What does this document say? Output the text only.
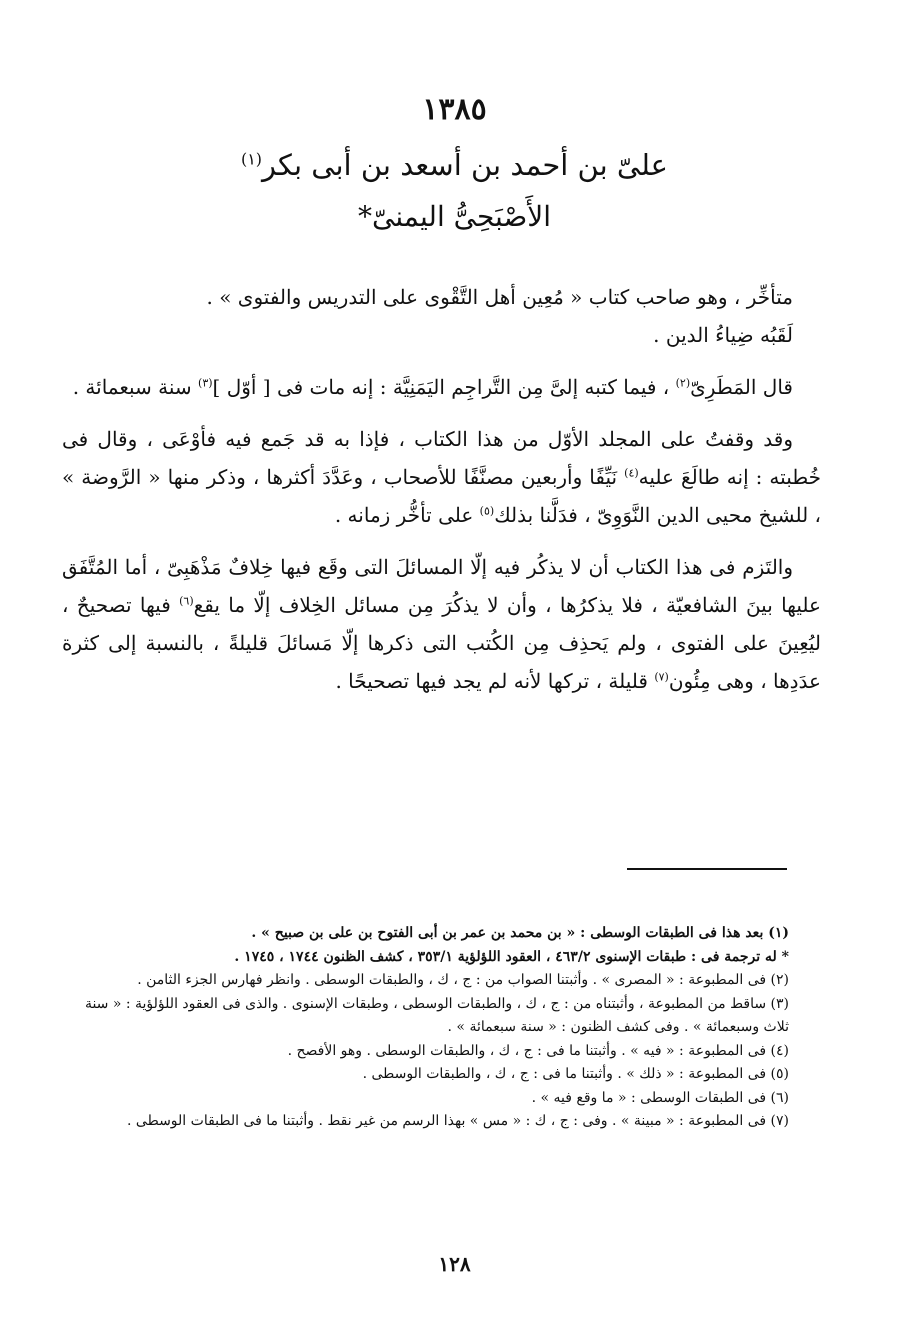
١٣٨٥
علىّ بن أحمد بن أسعد بن أبى بكر$^{(١)}$
الأَصْبَحِىُّ اليمنىّ*

متأخِّر ، وهو صاحب كتاب « مُعِين أهل التَّقْوى على التدريس والفتوى » .

لَقَبُه ضِياءُ الدين .

قال المَطَرِىّ$^{(٢)}$ ، فيما كتبه إلىَّ مِن التَّراجِم اليَمَنِيَّة : إنه مات فى [ أوّل ]$^{(٣)}$ سنة سبعمائة .

وقد وقفتُ على المجلد الأوّل من هذا الكتاب ، فإذا به قد جَمع فيه فأوْعَى ، وقال فى خُطبته : إنه طالَعَ عليه$^{(٤)}$ نَيِّفًا وأربعين مصنَّفًا للأصحاب ، وعَدَّدَ أكثرها ، وذكر منها « الرَّوضة » ، للشيخ محيى الدين النَّوَوِىّ ، فدَلَّنا بذلك$^{(٥)}$ على تأخُّر زمانه .

والتَزم فى هذا الكتاب أن لا يذكُر فيه إلّا المسائلَ التى وقَع فيها خِلافٌ مَذْهَبِىّ ، أما المُتَّفَق عليها بينَ الشافعيّة ، فلا يذكرُها ، وأن لا يذكُرَ مِن مسائل الخِلاف إلّا ما يقع$^{(٦)}$ فيها تصحيحٌ ، ليُعِينَ على الفتوى ، ولم يَحذِف مِن الكُتب التى ذكرها إلّا مَسائلَ قليلةً ، بالنسبة إلى كثرة عدَدِها ، وهى مِئُون$^{(٧)}$ قليلة ، تركها لأنه لم يجد فيها تصحيحًا .

(١) بعد هذا فى الطبقات الوسطى : « بن محمد بن عمر بن أبى الفتوح بن على بن صبيح » .
* له ترجمة فى : طبقات الإسنوى ٤٦٣/٢ ، العقود اللؤلؤية ٣٥٣/١ ، كشف الظنون ١٧٤٤ ، ١٧٤٥ .
(٢) فى المطبوعة : « المصرى » . وأثبتنا الصواب من : ج ، ك ، والطبقات الوسطى . وانظر فهارس الجزء الثامن .
(٣) ساقط من المطبوعة ، وأثبتناه من : ج ، ك ، والطبقات الوسطى ، وطبقات الإسنوى . والذى فى العقود اللؤلؤية : « سنة ثلاث وسبعمائة » . وفى كشف الظنون : « سنة سبعمائة » .
(٤) فى المطبوعة : « فيه » . وأثبتنا ما فى : ج ، ك ، والطبقات الوسطى . وهو الأفصح .
(٥) فى المطبوعة : « ذلك » . وأثبتنا ما فى : ج ، ك ، والطبقات الوسطى .
(٦) فى الطبقات الوسطى : « ما وقع فيه » .
(٧) فى المطبوعة : « مبينة » . وفى : ج ، ك : « مس » بهذا الرسم من غير نقط . وأثبتنا ما فى الطبقات الوسطى .
١٢٨
